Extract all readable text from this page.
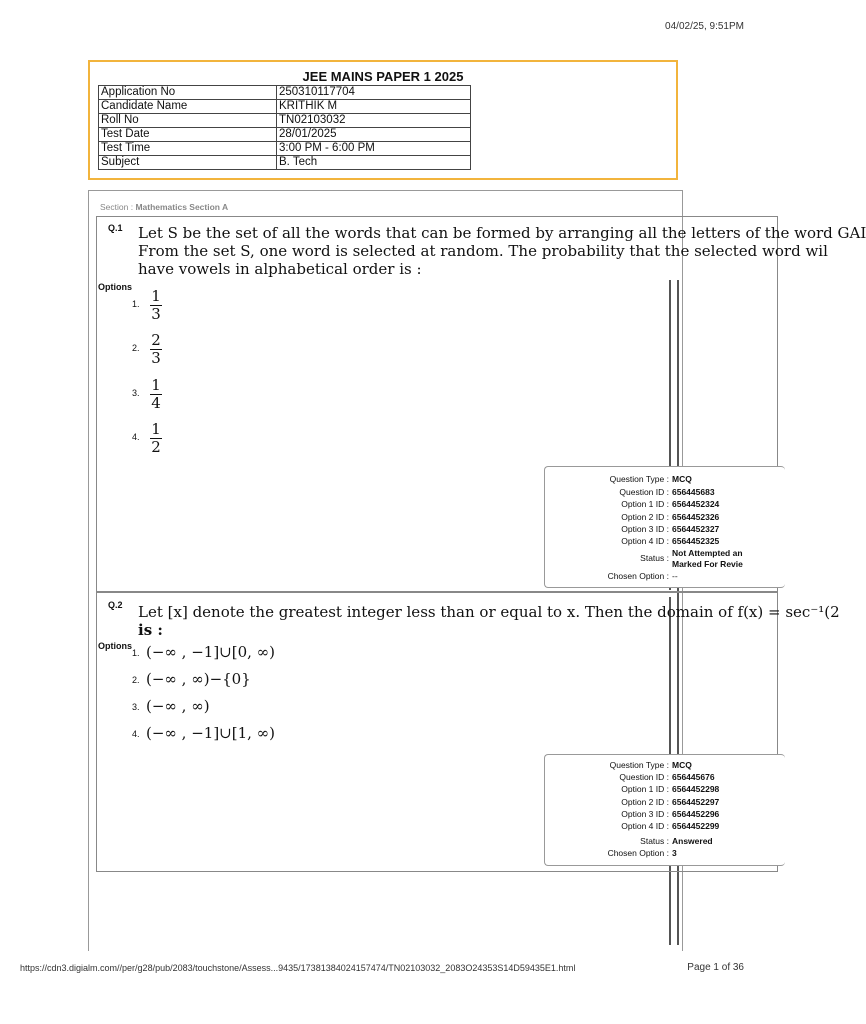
04/02/25, 9:51PM
JEE MAINS PAPER 1 2025
Application No	250310117704
Candidate Name	KRITHIK M
Roll No	TN02103032
Test Date	28/01/2025
Test Time	3:00 PM - 6:00 PM
Subject	B. Tech
Section : Mathematics Section A
Q.1 Let S be the set of all the words that can be formed by arranging all the letters of the word GAI
From the set S, one word is selected at random. The probability that the selected word wil
have vowels in alphabetical order is :
Options
1. 1
3
2. 2
3
3. 1
4
4. 1
2
Question Type : MCQ
Question ID : 656445683
Option 1 ID : 6564452324
Option 2 ID : 6564452326
Option 3 ID : 6564452327
Option 4 ID : 6564452325
Status : Not Attempted an
Marked For Revie
Chosen Option : --
Q.2 Let [x] denote the greatest integer less than or equal to x. Then the domain of f(x) = sec⁻¹(2
is :
Options
1. (−∞ , −1]∪[0, ∞)
2. (−∞ , ∞)−{0}
3. (−∞ , ∞)
4. (−∞ , −1]∪[1, ∞)
Question Type : MCQ
Question ID : 656445676
Option 1 ID : 6564452298
Option 2 ID : 6564452297
Option 3 ID : 6564452296
Option 4 ID : 6564452299
Status : Answered
Chosen Option : 3
https://cdn3.digialm.com//per/g28/pub/2083/touchstone/Assess...9435/17381384024157474/TN02103032_2083O24353S14D59435E1.html	Page 1 of 36
